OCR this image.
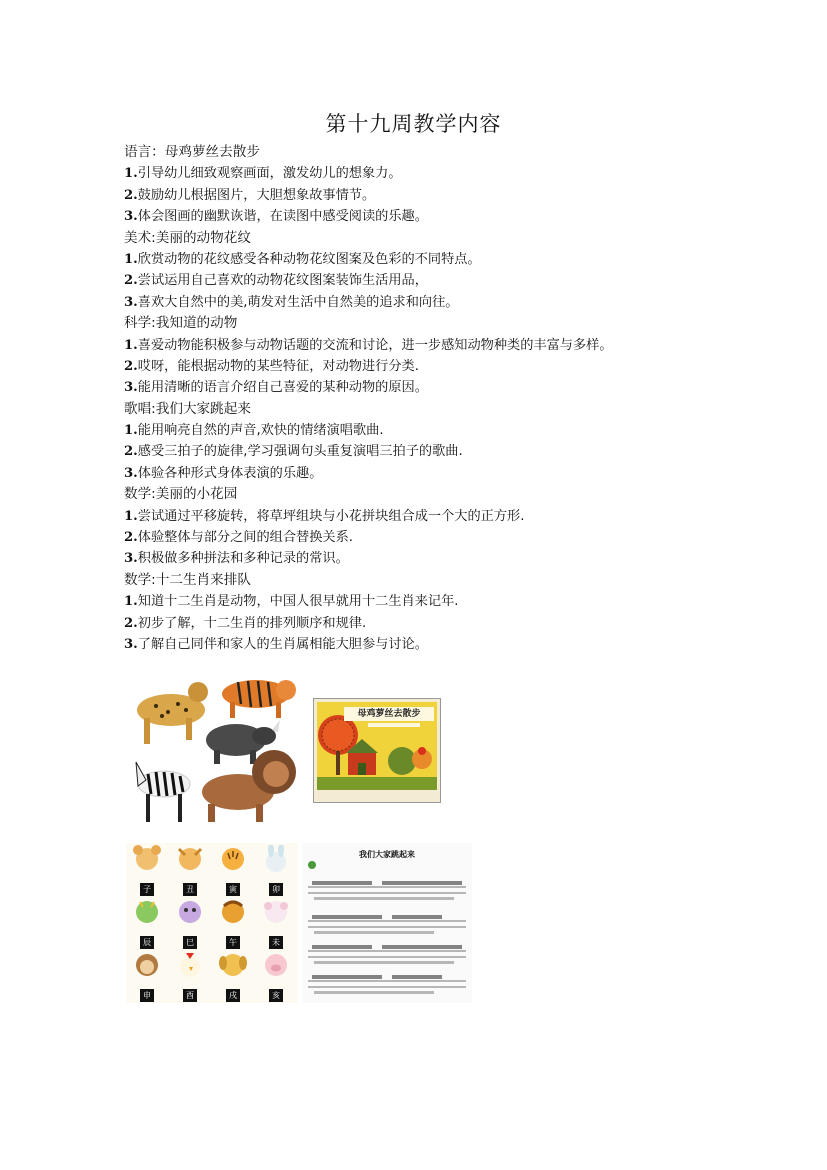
第十九周教学内容
语言：母鸡萝丝去散步
1.引导幼儿细致观察画面，激发幼儿的想象力。
2.鼓励幼儿根据图片，大胆想象故事情节。
3.体会图画的幽默诙谐，在读图中感受阅读的乐趣。
美术:美丽的动物花纹
1.欣赏动物的花纹感受各种动物花纹图案及色彩的不同特点。
2.尝试运用自己喜欢的动物花纹图案装饰生活用品，
3.喜欢大自然中的美,萌发对生活中自然美的追求和向往。
科学:我知道的动物
1.喜爱动物能积极参与动物话题的交流和讨论，进一步感知动物种类的丰富与多样。
2.哎呀，能根据动物的某些特征，对动物进行分类.
3.能用清晰的语言介绍自己喜爱的某种动物的原因。
歌唱:我们大家跳起来
1.能用响亮自然的声音,欢快的情绪演唱歌曲.
2.感受三拍子的旋律,学习强调句头重复演唱三拍子的歌曲.
3.体验各种形式身体表演的乐趣。
数学:美丽的小花园
1.尝试通过平移旋转，将草坪组块与小花拼块组合成一个大的正方形.
2.体验整体与部分之间的组合替换关系.
3.积极做多种拼法和多种记录的常识。
数学:十二生肖来排队
1.知道十二生肖是动物，中国人很早就用十二生肖来记年.
2.初步了解，十二生肖的排列顺序和规律.
3.了解自己同伴和家人的生肖属相能大胆参与讨论。
母鸡萝丝去散步

子	丑	寅	卯

辰	巳	午	未

申	酉	戌	亥
我们大家跳起来
